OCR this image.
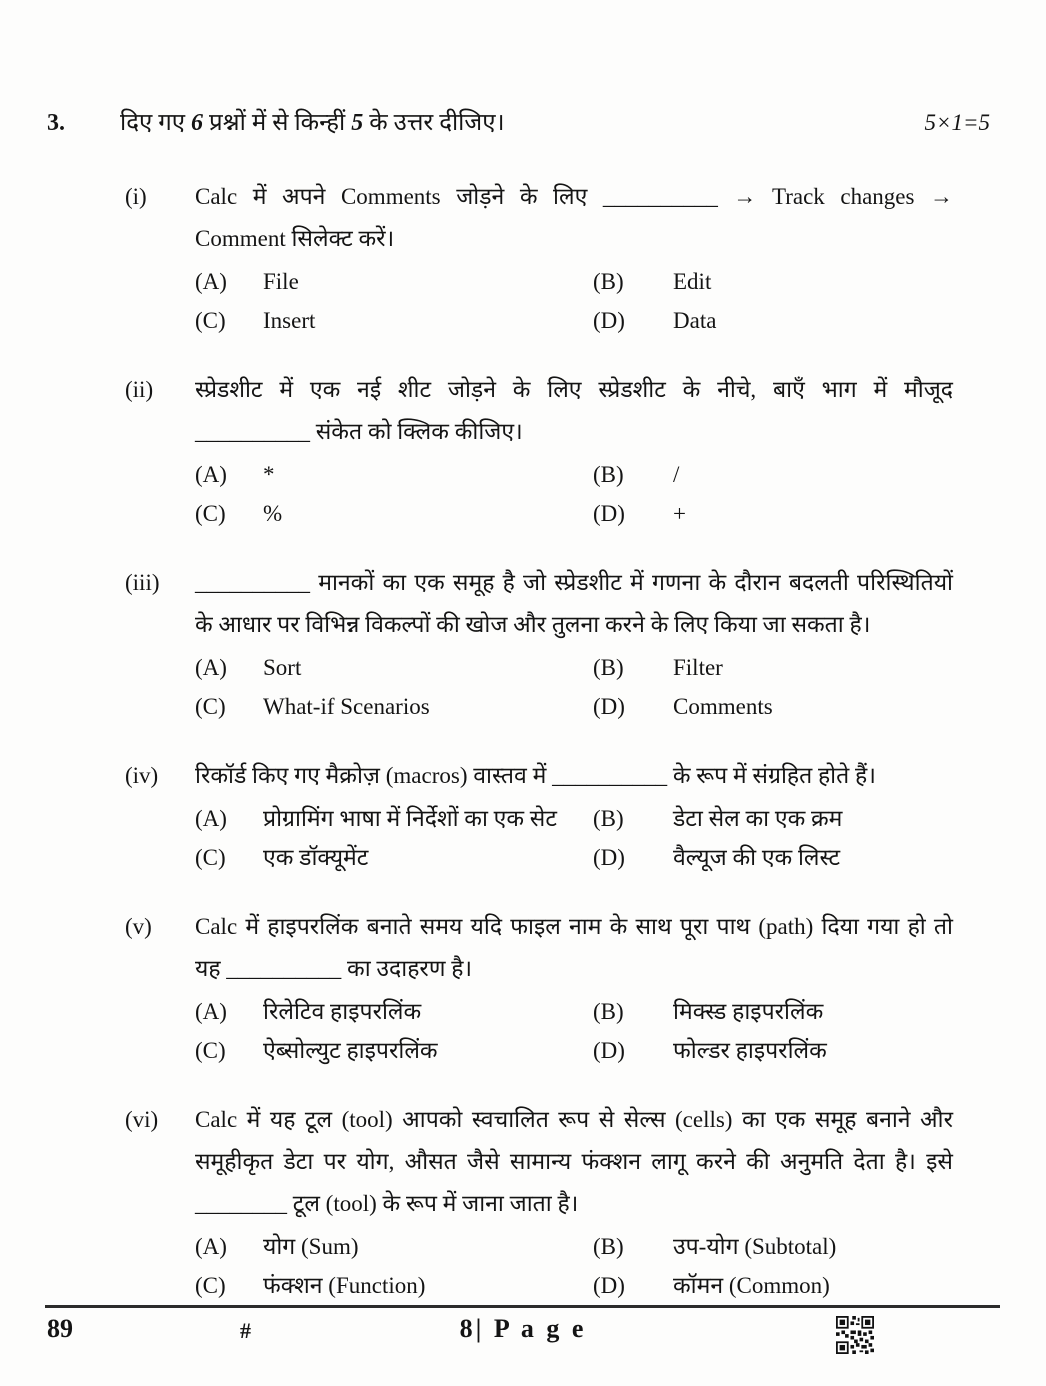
3.	दिए गए 6 प्रश्नों में से किन्हीं 5 के उत्तर दीजिए।	5×1=5
(i)	Calc में अपने Comments जोड़ने के लिए __________ → Track changes →
Comment सिलेक्ट करें।
(A)	File	(B)	Edit
(C)	Insert	(D)	Data
(ii)	स्प्रेडशीट में एक नई शीट जोड़ने के लिए स्प्रेडशीट के नीचे, बाएँ भाग में मौजूद
__________ संकेत को क्लिक कीजिए।
(A)	*	(B)	/
(C)	%	(D)	+
(iii)	__________ मानकों का एक समूह है जो स्प्रेडशीट में गणना के दौरान बदलती परिस्थितियों
के आधार पर विभिन्न विकल्पों की खोज और तुलना करने के लिए किया जा सकता है।
(A)	Sort	(B)	Filter
(C)	What-if Scenarios	(D)	Comments
(iv)	रिकॉर्ड किए गए मैक्रोज़ (macros) वास्तव में __________ के रूप में संग्रहित होते हैं।
(A)	प्रोग्रामिंग भाषा में निर्देशों का एक सेट	(B)	डेटा सेल का एक क्रम
(C)	एक डॉक्यूमेंट	(D)	वैल्यूज की एक लिस्ट
(v)	Calc में हाइपरलिंक बनाते समय यदि फाइल नाम के साथ पूरा पाथ (path) दिया गया हो तो
यह __________ का उदाहरण है।
(A)	रिलेटिव हाइपरलिंक	(B)	मिक्स्ड हाइपरलिंक
(C)	ऐब्सोल्युट हाइपरलिंक	(D)	फोल्डर हाइपरलिंक
(vi)	Calc में यह टूल (tool) आपको स्वचालित रूप से सेल्स (cells) का एक समूह बनाने और
समूहीकृत डेटा पर योग, औसत जैसे सामान्य फंक्शन लागू करने की अनुमति देता है। इसे
________ टूल (tool) के रूप में जाना जाता है।
(A)	योग (Sum)	(B)	उप-योग (Subtotal)
(C)	फंक्शन (Function)	(D)	कॉमन (Common)
89	#	8| P a g e
